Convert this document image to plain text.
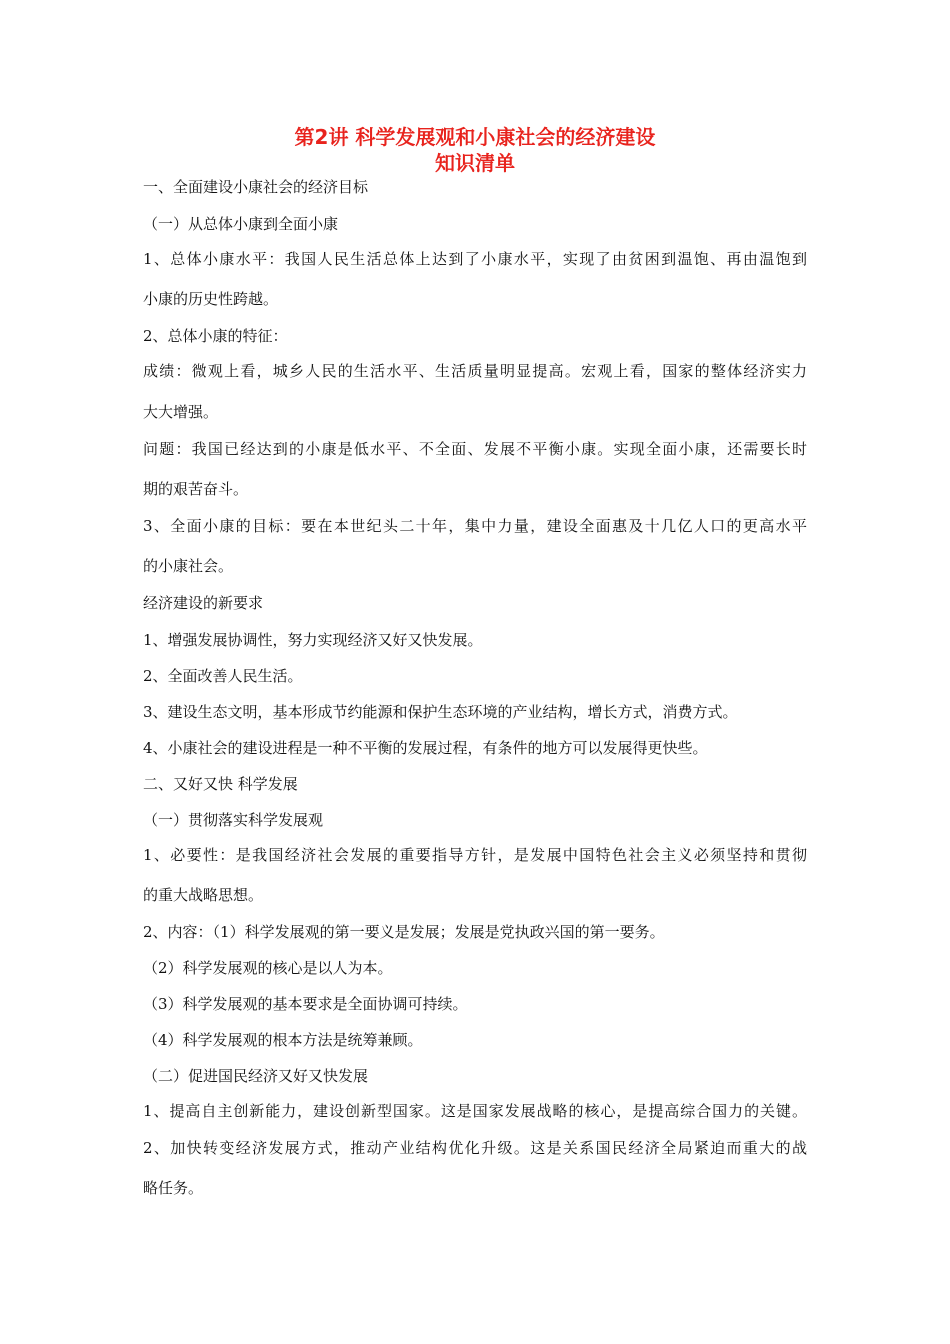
第2讲 科学发展观和小康社会的经济建设
知识清单
一、全面建设小康社会的经济目标
（一）从总体小康到全面小康
1、总体小康水平：我国人民生活总体上达到了小康水平，实现了由贫困到温饱、再由温饱到
小康的历史性跨越。
2、总体小康的特征：
成绩：微观上看，城乡人民的生活水平、生活质量明显提高。宏观上看，国家的整体经济实力
大大增强。
问题：我国已经达到的小康是低水平、不全面、发展不平衡小康。实现全面小康，还需要长时
期的艰苦奋斗。
3、全面小康的目标：要在本世纪头二十年，集中力量，建设全面惠及十几亿人口的更高水平
的小康社会。
经济建设的新要求
1、增强发展协调性，努力实现经济又好又快发展。
2、全面改善人民生活。
3、建设生态文明，基本形成节约能源和保护生态环境的产业结构，增长方式，消费方式。
4、小康社会的建设进程是一种不平衡的发展过程，有条件的地方可以发展得更快些。
二、又好又快 科学发展
（一）贯彻落实科学发展观
1、必要性：是我国经济社会发展的重要指导方针，是发展中国特色社会主义必须坚持和贯彻
的重大战略思想。
2、内容：（1）科学发展观的第一要义是发展；发展是党执政兴国的第一要务。
（2）科学发展观的核心是以人为本。
（3）科学发展观的基本要求是全面协调可持续。
（4）科学发展观的根本方法是统筹兼顾。
（二）促进国民经济又好又快发展
1、提高自主创新能力，建设创新型国家。这是国家发展战略的核心，是提高综合国力的关键。
2、加快转变经济发展方式，推动产业结构优化升级。这是关系国民经济全局紧迫而重大的战
略任务。
